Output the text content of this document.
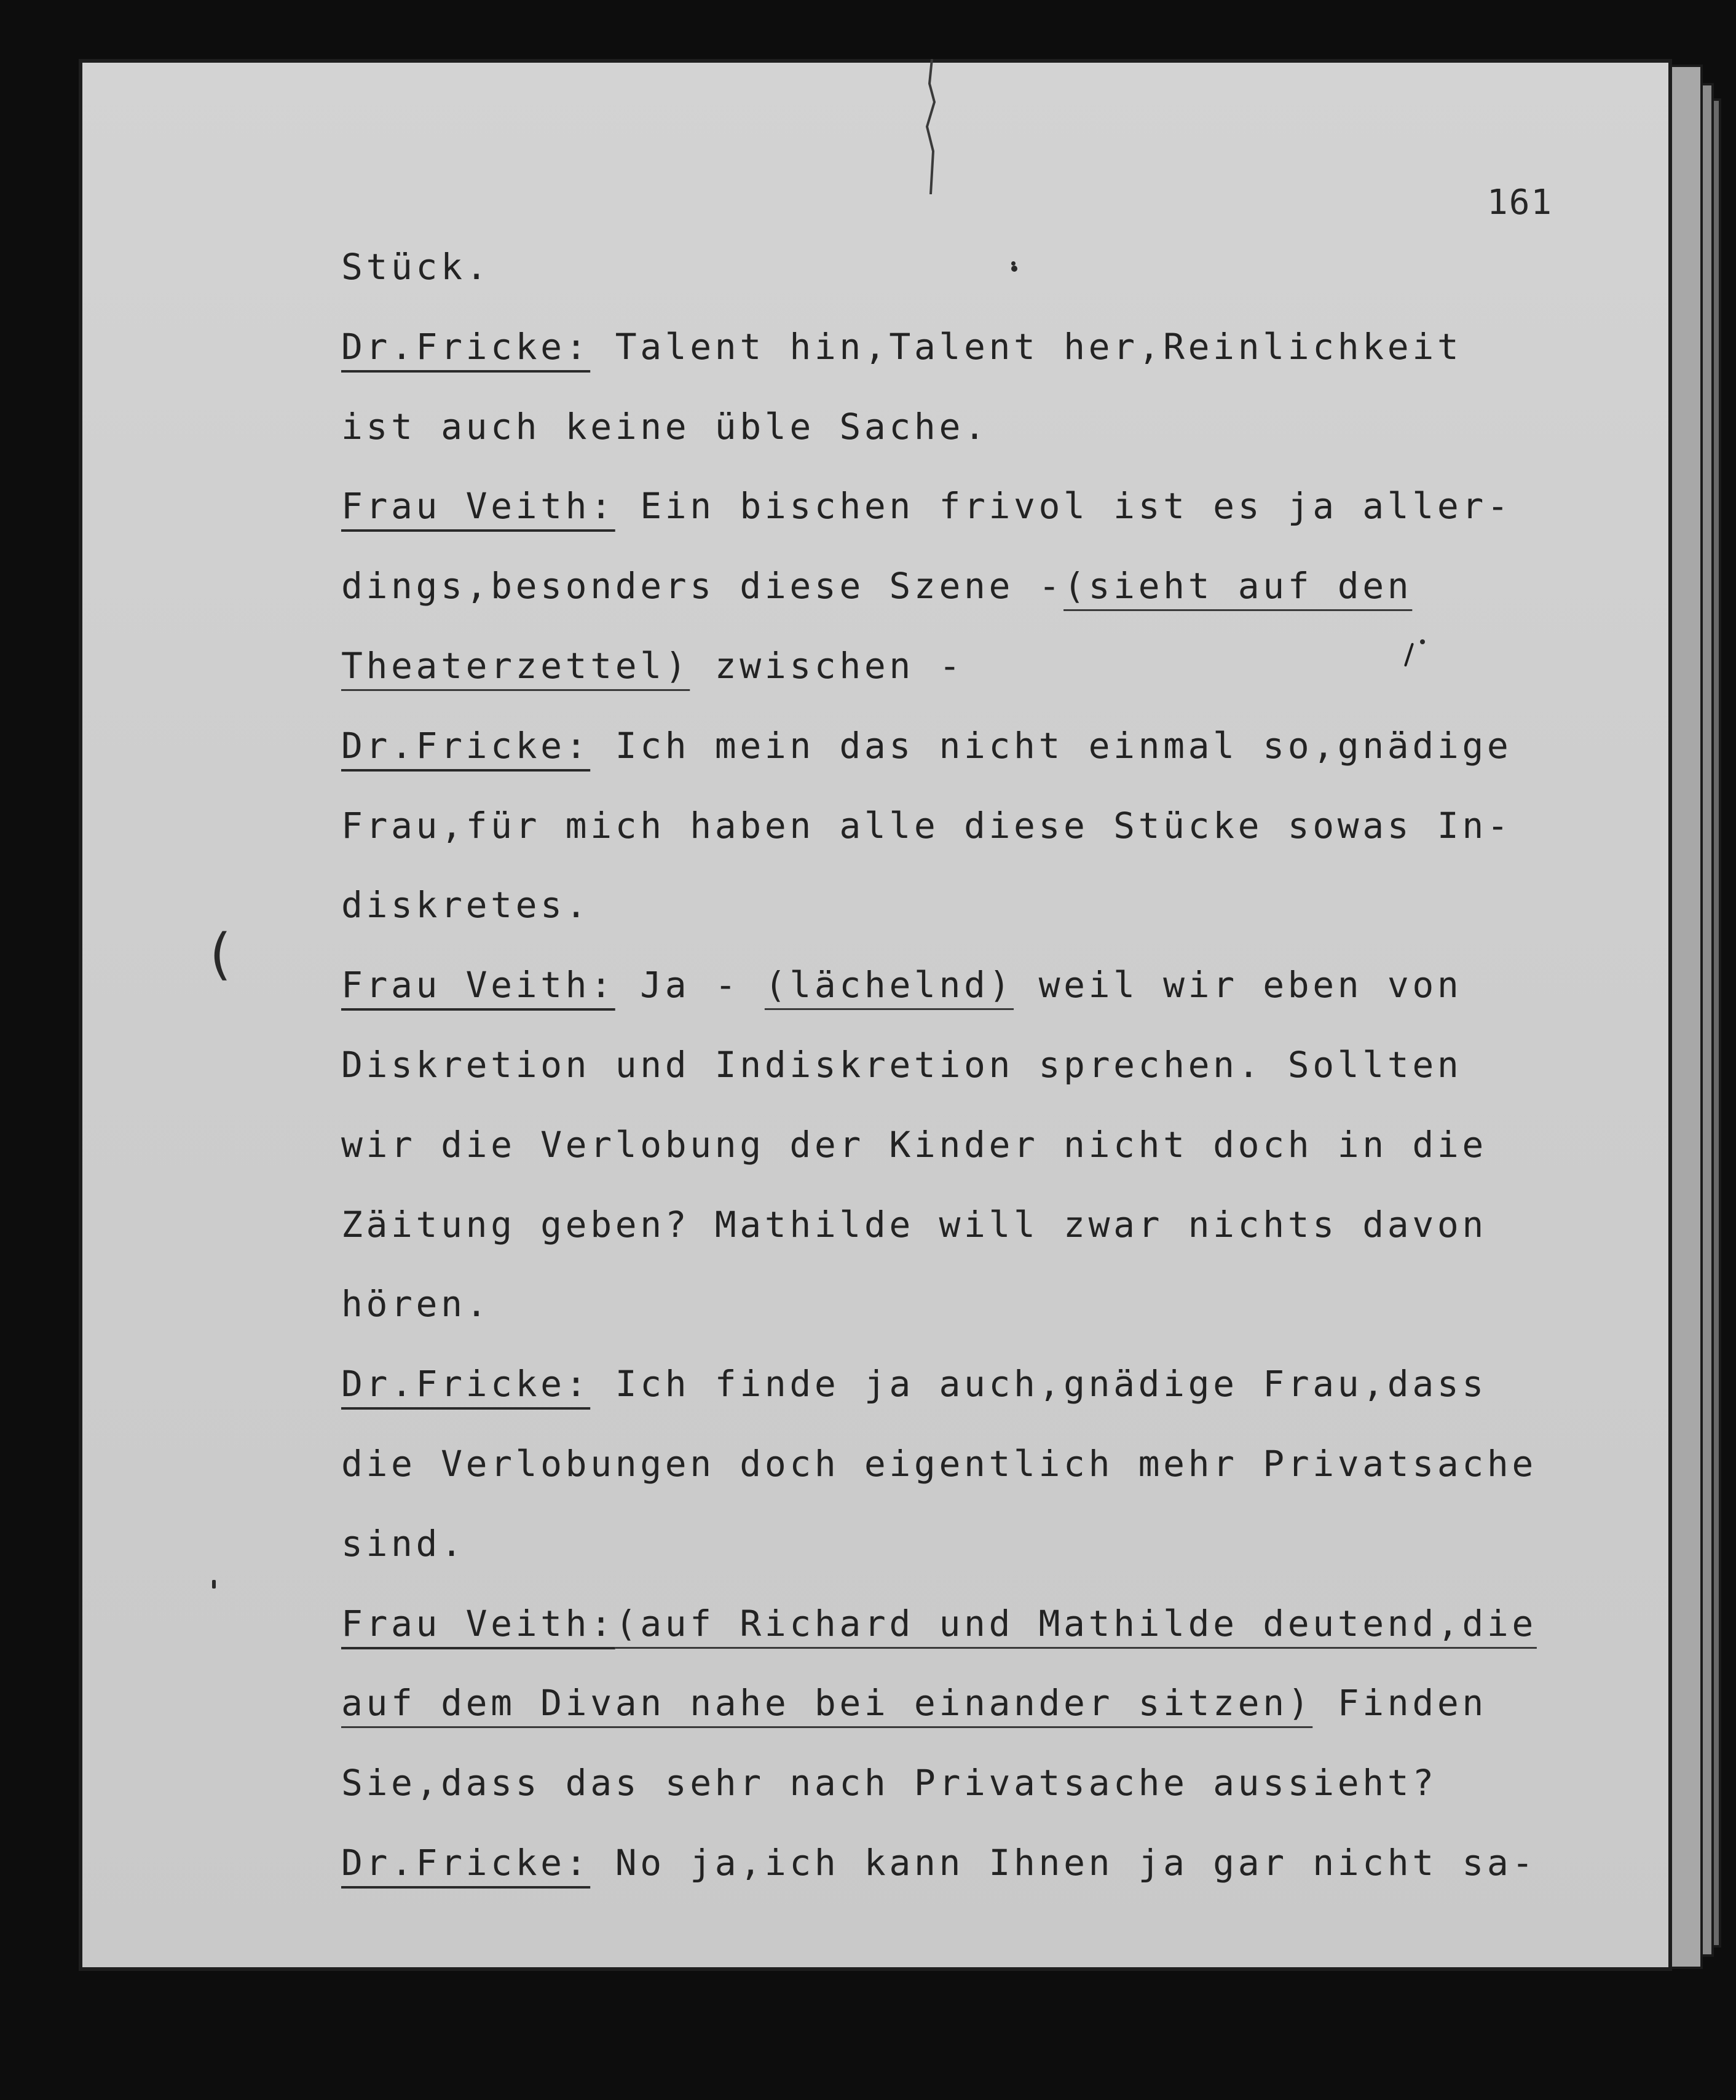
161
Stück.
Dr.Fricke: Talent hin,Talent her,Reinlichkeit
ist auch keine üble Sache.
Frau Veith: Ein bischen frivol ist es ja aller-
dings,besonders diese Szene -(sieht auf den
Theaterzettel) zwischen -
Dr.Fricke: Ich mein das nicht einmal so,gnädige
Frau,für mich haben alle diese Stücke sowas In-
diskretes.
Frau Veith: Ja - (lächelnd) weil wir eben von
Diskretion und Indiskretion sprechen. Sollten
wir die Verlobung der Kinder nicht doch in die
Zäitung geben? Mathilde will zwar nichts davon
hören.
Dr.Fricke: Ich finde ja auch,gnädige Frau,dass
die Verlobungen doch eigentlich mehr Privatsache
sind.
Frau Veith:(auf Richard und Mathilde deutend,die
auf dem Divan nahe bei einander sitzen) Finden
Sie,dass das sehr nach Privatsache aussieht?
Dr.Fricke: No ja,ich kann Ihnen ja gar nicht sa-
(
